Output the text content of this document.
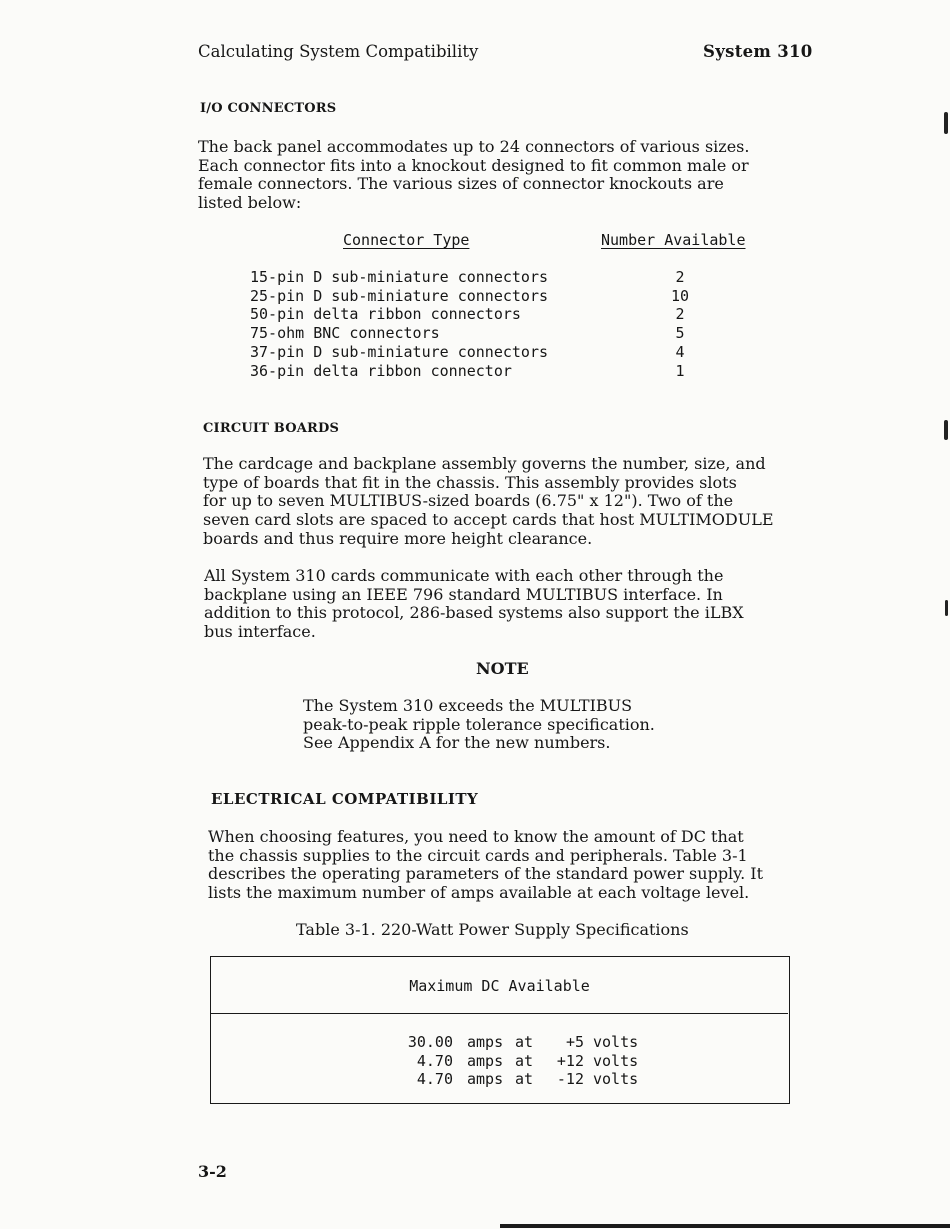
Calculating System Compatibility	System 310
I/O CONNECTORS
The back panel accommodates up to 24 connectors of various sizes.
Each connector fits into a knockout designed to fit common male or
female connectors. The various sizes of connector knockouts are
listed below:
Connector Type	Number Available
15-pin D sub-miniature connectors	2
25-pin D sub-miniature connectors	10
50-pin delta ribbon connectors	2
75-ohm BNC connectors	5
37-pin D sub-miniature connectors	4
36-pin delta ribbon connector	1
CIRCUIT BOARDS
The cardcage and backplane assembly governs the number, size, and
type of boards that fit in the chassis. This assembly provides slots
for up to seven MULTIBUS-sized boards (6.75" x 12"). Two of the
seven card slots are spaced to accept cards that host MULTIMODULE
boards and thus require more height clearance.
All System 310 cards communicate with each other through the
backplane using an IEEE 796 standard MULTIBUS interface. In
addition to this protocol, 286-based systems also support the iLBX
bus interface.
NOTE
The System 310 exceeds the MULTIBUS
peak-to-peak ripple tolerance specification.
See Appendix A for the new numbers.
ELECTRICAL COMPATIBILITY
When choosing features, you need to know the amount of DC that
the chassis supplies to the circuit cards and peripherals. Table 3-1
describes the operating parameters of the standard power supply. It
lists the maximum number of amps available at each voltage level.
Table 3-1. 220-Watt Power Supply Specifications
Maximum DC Available
30.00 amps at	+5 volts
4.70 amps at	+12 volts
4.70 amps at	-12 volts
3-2
